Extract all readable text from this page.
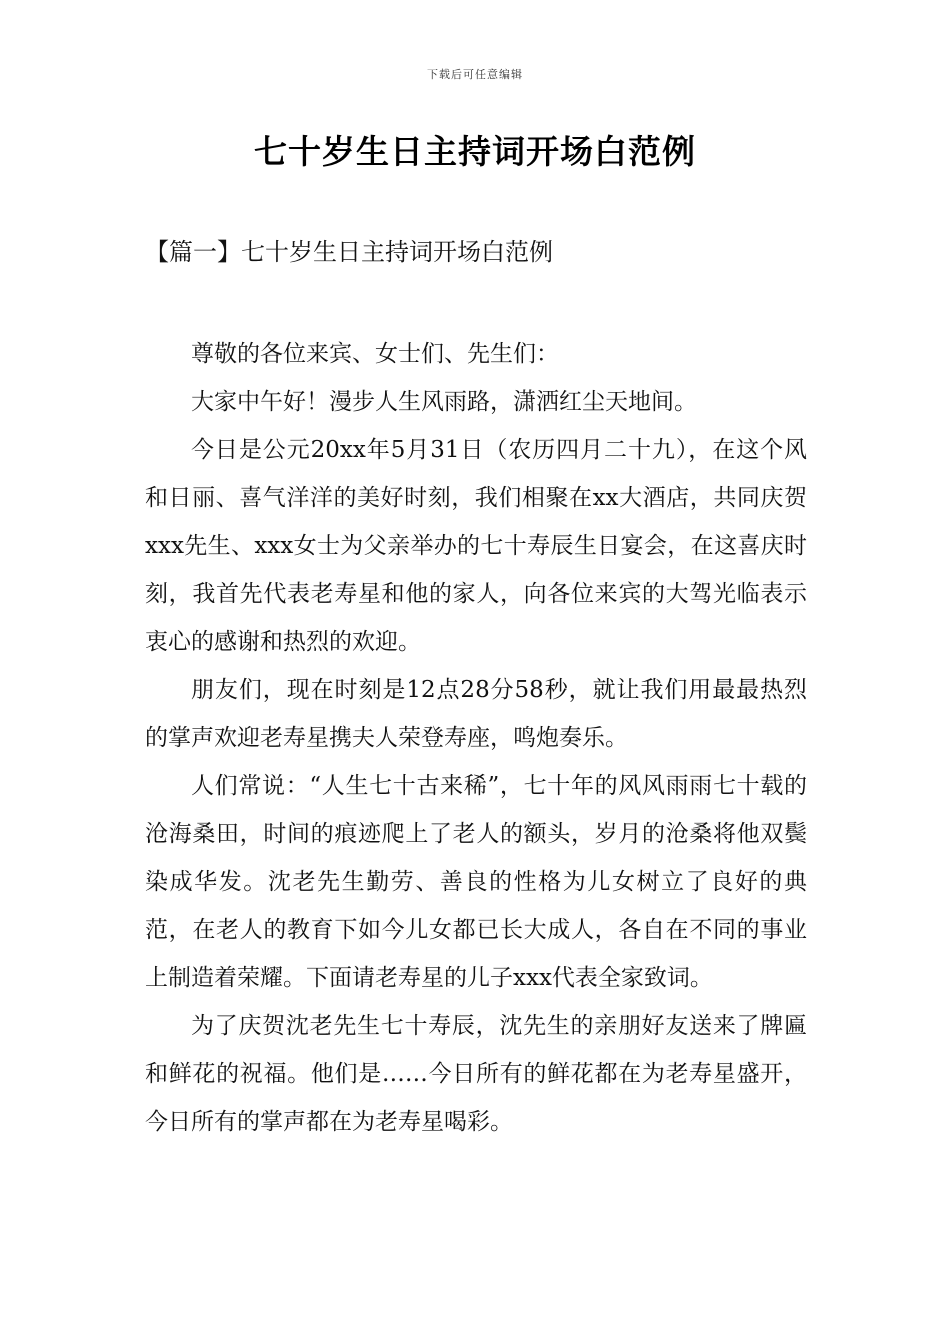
下载后可任意编辑
七十岁生日主持词开场白范例
【篇一】七十岁生日主持词开场白范例

尊敬的各位来宾、女士们、先生们：

大家中午好！漫步人生风雨路，潇洒红尘天地间。

今日是公元20xx年5月31日（农历四月二十九），在这个风和日丽、喜气洋洋的美好时刻，我们相聚在xx大酒店，共同庆贺xxx先生、xxx女士为父亲举办的七十寿辰生日宴会，在这喜庆时刻，我首先代表老寿星和他的家人，向各位来宾的大驾光临表示衷心的感谢和热烈的欢迎。

朋友们，现在时刻是12点28分58秒，就让我们用最最热烈的掌声欢迎老寿星携夫人荣登寿座，鸣炮奏乐。

人们常说：“人生七十古来稀”，七十年的风风雨雨七十载的沧海桑田，时间的痕迹爬上了老人的额头，岁月的沧桑将他双鬓染成华发。沈老先生勤劳、善良的性格为儿女树立了良好的典范，在老人的教育下如今儿女都已长大成人，各自在不同的事业上制造着荣耀。下面请老寿星的儿子xxx代表全家致词。

为了庆贺沈老先生七十寿辰，沈先生的亲朋好友送来了牌匾和鲜花的祝福。他们是……今日所有的鲜花都在为老寿星盛开，今日所有的掌声都在为老寿星喝彩。
